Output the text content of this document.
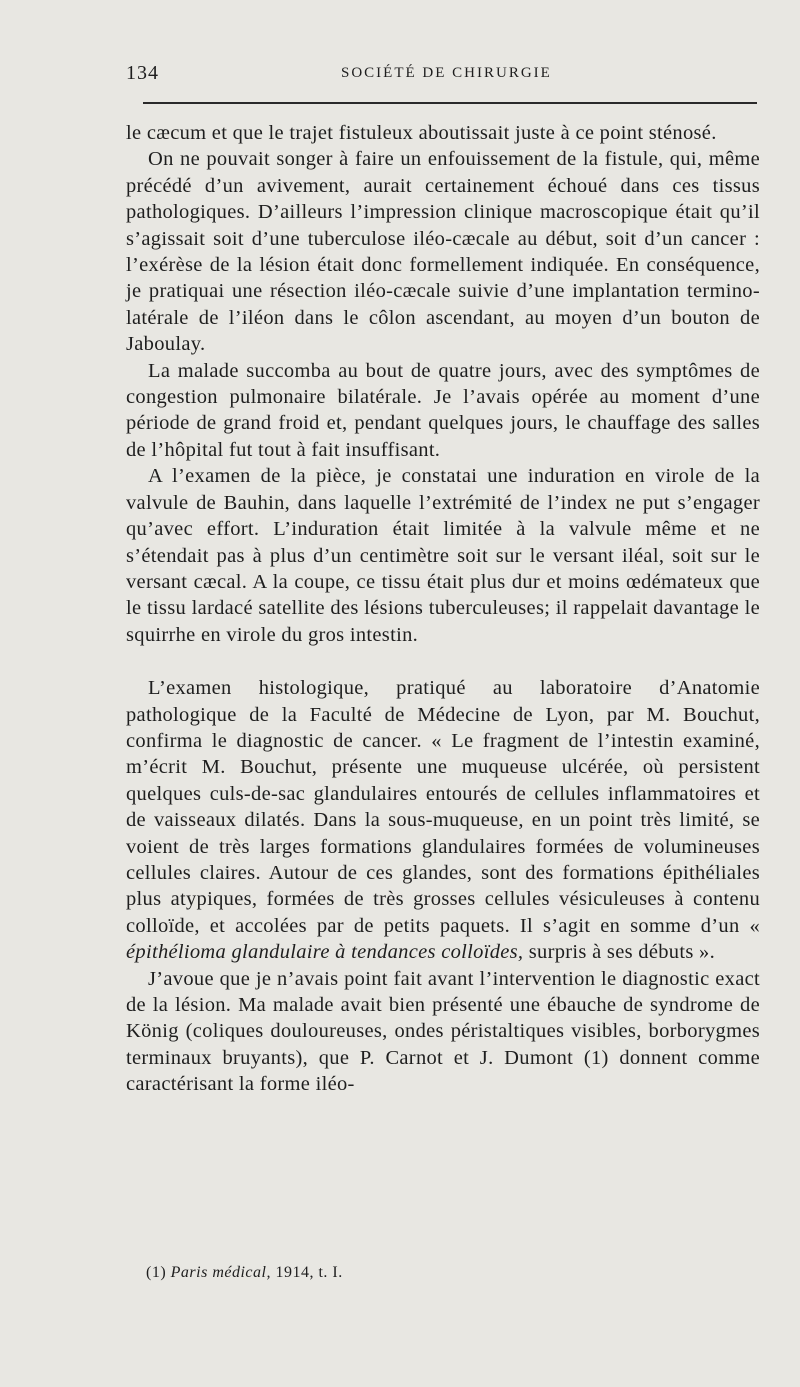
134	SOCIÉTÉ DE CHIRURGIE

le cæcum et que le trajet fistuleux aboutissait juste à ce point sténosé.

On ne pouvait songer à faire un enfouissement de la fistule, qui, même précédé d’un avivement, aurait certainement échoué dans ces tissus pathologiques. D’ailleurs l’impression clinique macroscopique était qu’il s’agissait soit d’une tuberculose iléo-cæcale au début, soit d’un cancer : l’exérèse de la lésion était donc formellement indiquée. En conséquence, je pratiquai une résection iléo-cæcale suivie d’une implantation termino-latérale de l’iléon dans le côlon ascendant, au moyen d’un bouton de Jaboulay.

La malade succomba au bout de quatre jours, avec des symptômes de congestion pulmonaire bilatérale. Je l’avais opérée au moment d’une période de grand froid et, pendant quelques jours, le chauffage des salles de l’hôpital fut tout à fait insuffisant.

A l’examen de la pièce, je constatai une induration en virole de la valvule de Bauhin, dans laquelle l’extrémité de l’index ne put s’engager qu’avec effort. L’induration était limitée à la valvule même et ne s’étendait pas à plus d’un centimètre soit sur le versant iléal, soit sur le versant cæcal. A la coupe, ce tissu était plus dur et moins œdémateux que le tissu lardacé satellite des lésions tuberculeuses; il rappelait davantage le squirrhe en virole du gros intestin.

L’examen histologique, pratiqué au laboratoire d’Anatomie pathologique de la Faculté de Médecine de Lyon, par M. Bouchut, confirma le diagnostic de cancer. « Le fragment de l’intestin examiné, m’écrit M. Bouchut, présente une muqueuse ulcérée, où persistent quelques culs-de-sac glandulaires entourés de cellules inflammatoires et de vaisseaux dilatés. Dans la sous-muqueuse, en un point très limité, se voient de très larges formations glandulaires formées de volumineuses cellules claires. Autour de ces glandes, sont des formations épithéliales plus atypiques, formées de très grosses cellules vésiculeuses à contenu colloïde, et accolées par de petits paquets. Il s’agit en somme d’un « épithélioma glandulaire à tendances colloïdes, surpris à ses débuts ».

J’avoue que je n’avais point fait avant l’intervention le diagnostic exact de la lésion. Ma malade avait bien présenté une ébauche de syndrome de König (coliques douloureuses, ondes péristaltiques visibles, borborygmes terminaux bruyants), que P. Carnot et J. Dumont (1) donnent comme caractérisant la forme iléo-

(1) Paris médical, 1914, t. I.
